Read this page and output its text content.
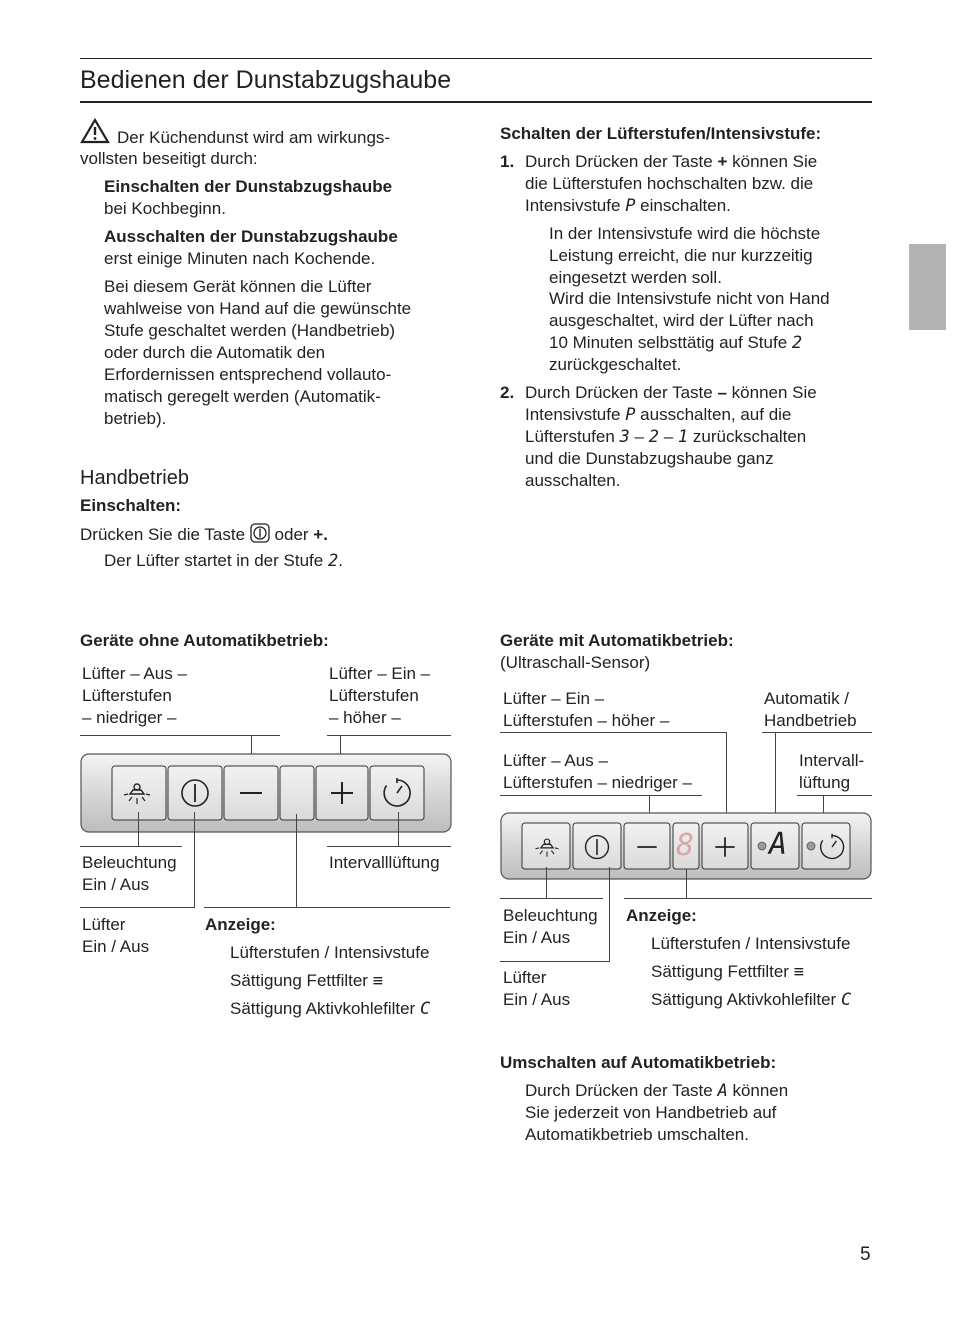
Bedienen der Dunstabzugshaube
Der Küchendunst wird am wirkungs-
vollsten beseitigt durch:
Einschalten der Dunstabzugshaube
bei Kochbeginn.
Ausschalten der Dunstabzugshaube
erst einige Minuten nach Kochende.
Bei diesem Gerät können die Lüfter
wahlweise von Hand auf die gewünschte
Stufe geschaltet werden (Handbetrieb)
oder durch die Automatik den
Erfordernissen entsprechend vollauto-
matisch geregelt werden (Automatik-
betrieb).
Handbetrieb
Einschalten:
Drücken Sie die Taste oder +.
Der Lüfter startet in der Stufe 2.
Schalten der Lüfterstufen/Intensivstufe:
1. Durch Drücken der Taste + können Sie
die Lüfterstufen hochschalten bzw. die
Intensivstufe P einschalten.
In der Intensivstufe wird die höchste
Leistung erreicht, die nur kurzzeitig
eingesetzt werden soll.
Wird die Intensivstufe nicht von Hand
ausgeschaltet, wird der Lüfter nach
10 Minuten selbsttätig auf Stufe 2
zurückgeschaltet.
2. Durch Drücken der Taste – können Sie
Intensivstufe P ausschalten, auf die
Lüfterstufen 3 – 2 – 1 zurückschalten
und die Dunstabzugshaube ganz
ausschalten.
Geräte ohne Automatikbetrieb:
Lüfter – Aus –
Lüfterstufen
– niedriger –
Lüfter – Ein –
Lüfterstufen
– höher –
Beleuchtung
Ein / Aus
Intervalllüftung
Lüfter
Ein / Aus
Anzeige:
Lüfterstufen / Intensivstufe
Sättigung Fettfilter ≡
Sättigung Aktivkohlefilter C
Geräte mit Automatikbetrieb:
(Ultraschall-Sensor)
Lüfter – Ein –
Lüfterstufen – höher –
Automatik /
Handbetrieb
Lüfter – Aus –
Lüfterstufen – niedriger –
Intervall-
lüftung
8 A
Beleuchtung
Ein / Aus
Lüfter
Ein / Aus
Anzeige:
Lüfterstufen / Intensivstufe
Sättigung Fettfilter ≡
Sättigung Aktivkohlefilter C
Umschalten auf Automatikbetrieb:
Durch Drücken der Taste A können
Sie jederzeit von Handbetrieb auf
Automatikbetrieb umschalten.
5
